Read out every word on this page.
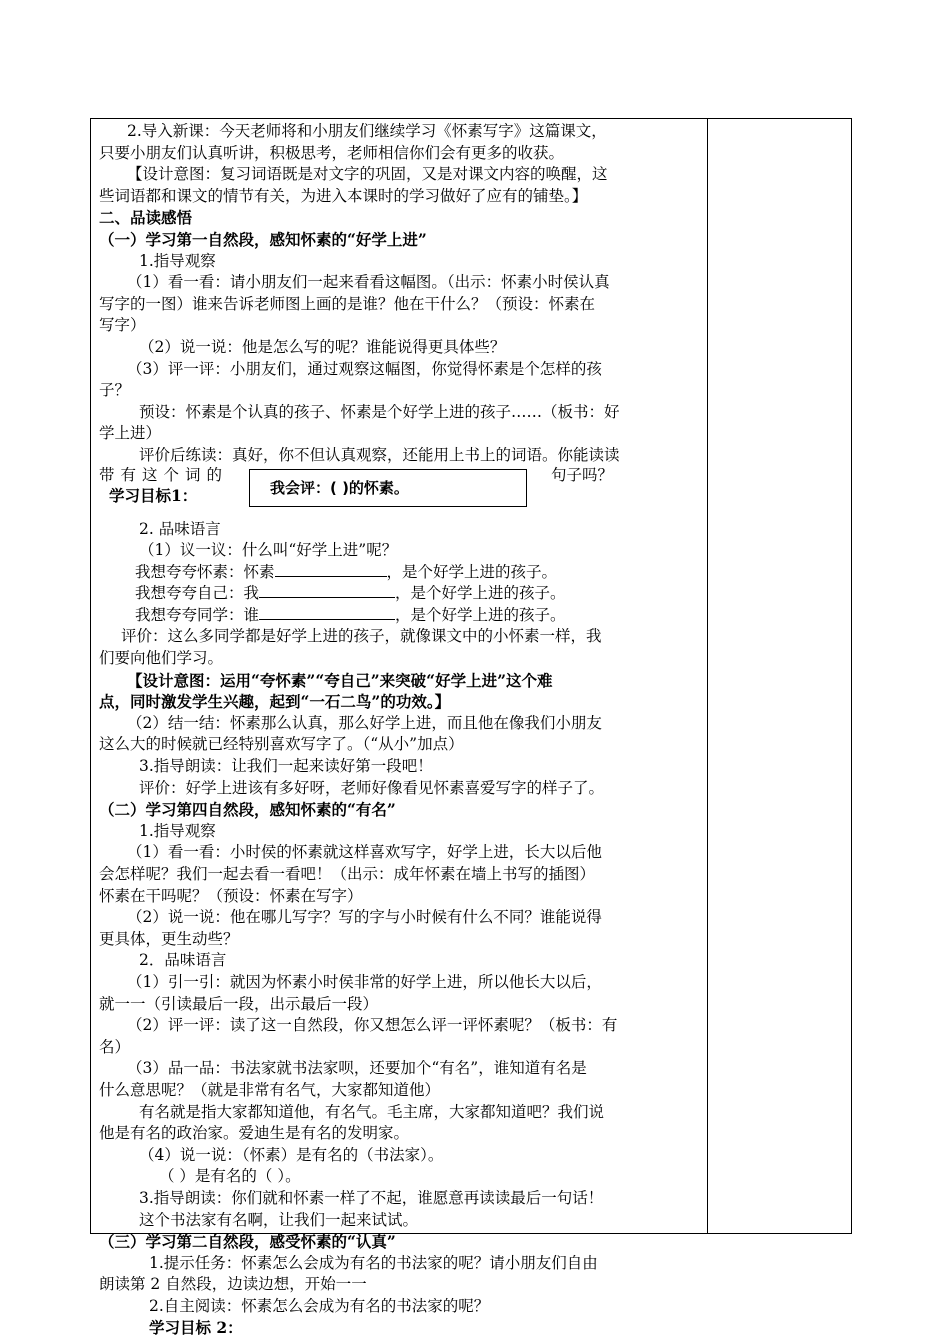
2.导入新课：今天老师将和小朋友们继续学习《怀素写字》这篇课文，
只要小朋友们认真听讲，积极思考，老师相信你们会有更多的收获。
【设计意图：复习词语既是对文字的巩固，又是对课文内容的唤醒，这
些词语都和课文的情节有关，为进入本课时的学习做好了应有的铺垫。】
二、品读感悟
（一）学习第一自然段，感知怀素的“好学上进”
1.指导观察
（1）看一看：请小朋友们一起来看看这幅图。（出示：怀素小时侯认真
写字的一图）谁来告诉老师图上画的是谁？他在干什么？（预设：怀素在
写字）
（2）说一说：他是怎么写的呢？谁能说得更具体些？
（3）评一评：小朋友们，通过观察这幅图，你觉得怀素是个怎样的孩
子？
预设：怀素是个认真的孩子、怀素是个好学上进的孩子……（板书：好
学上进）
评价后练读：真好，你不但认真观察，还能用上书上的词语。你能读读
学习目标1：
带有这个词的
我会评：( )的怀素。
句子吗？
2. 品味语言
（1）议一议：什么叫“好学上进”呢？
我想夸夸怀素：怀素	，是个好学上进的孩子。
我想夸夸自己：我	，是个好学上进的孩子。
我想夸夸同学：谁	，是个好学上进的孩子。
评价：这么多同学都是好学上进的孩子，就像课文中的小怀素一样，我
们要向他们学习。
【设计意图：运用“夸怀素”“夸自己”来突破“好学上进”这个难
点，同时激发学生兴趣，起到“一石二鸟”的功效。】
（2）结一结：怀素那么认真，那么好学上进，而且他在像我们小朋友
这么大的时候就已经特别喜欢写字了。（“从小”加点）
3.指导朗读：让我们一起来读好第一段吧！
评价：好学上进该有多好呀，老师好像看见怀素喜爱写字的样子了。
（二）学习第四自然段，感知怀素的“有名”
1.指导观察
（1）看一看：小时侯的怀素就这样喜欢写字，好学上进，长大以后他
会怎样呢？我们一起去看一看吧！（出示：成年怀素在墙上书写的插图）
怀素在干吗呢？（预设：怀素在写字）
（2）说一说：他在哪儿写字？写的字与小时候有什么不同？谁能说得
更具体，更生动些？
2．品味语言
（1）引一引：就因为怀素小时侯非常的好学上进，所以他长大以后，
就一一（引读最后一段，出示最后一段）
（2）评一评：读了这一自然段，你又想怎么评一评怀素呢？（板书：有
名）
（3）品一品：书法家就书法家呗，还要加个“有名”，谁知道有名是
什么意思呢？（就是非常有名气，大家都知道他）
有名就是指大家都知道他，有名气。毛主席，大家都知道吧？我们说
他是有名的政治家。爱迪生是有名的发明家。
（4）说一说：（怀素）是有名的（书法家）。
（ ）是有名的（ ）。
3.指导朗读：你们就和怀素一样了不起，谁愿意再读读最后一句话！
这个书法家有名啊，让我们一起来试试。
（三）学习第二自然段，感受怀素的“认真”
1.提示任务：怀素怎么会成为有名的书法家的呢？请小朋友们自由
朗读第 2 自然段，边读边想，开始一一
2.自主阅读：怀素怎么会成为有名的书法家的呢？
学习目标 2：
